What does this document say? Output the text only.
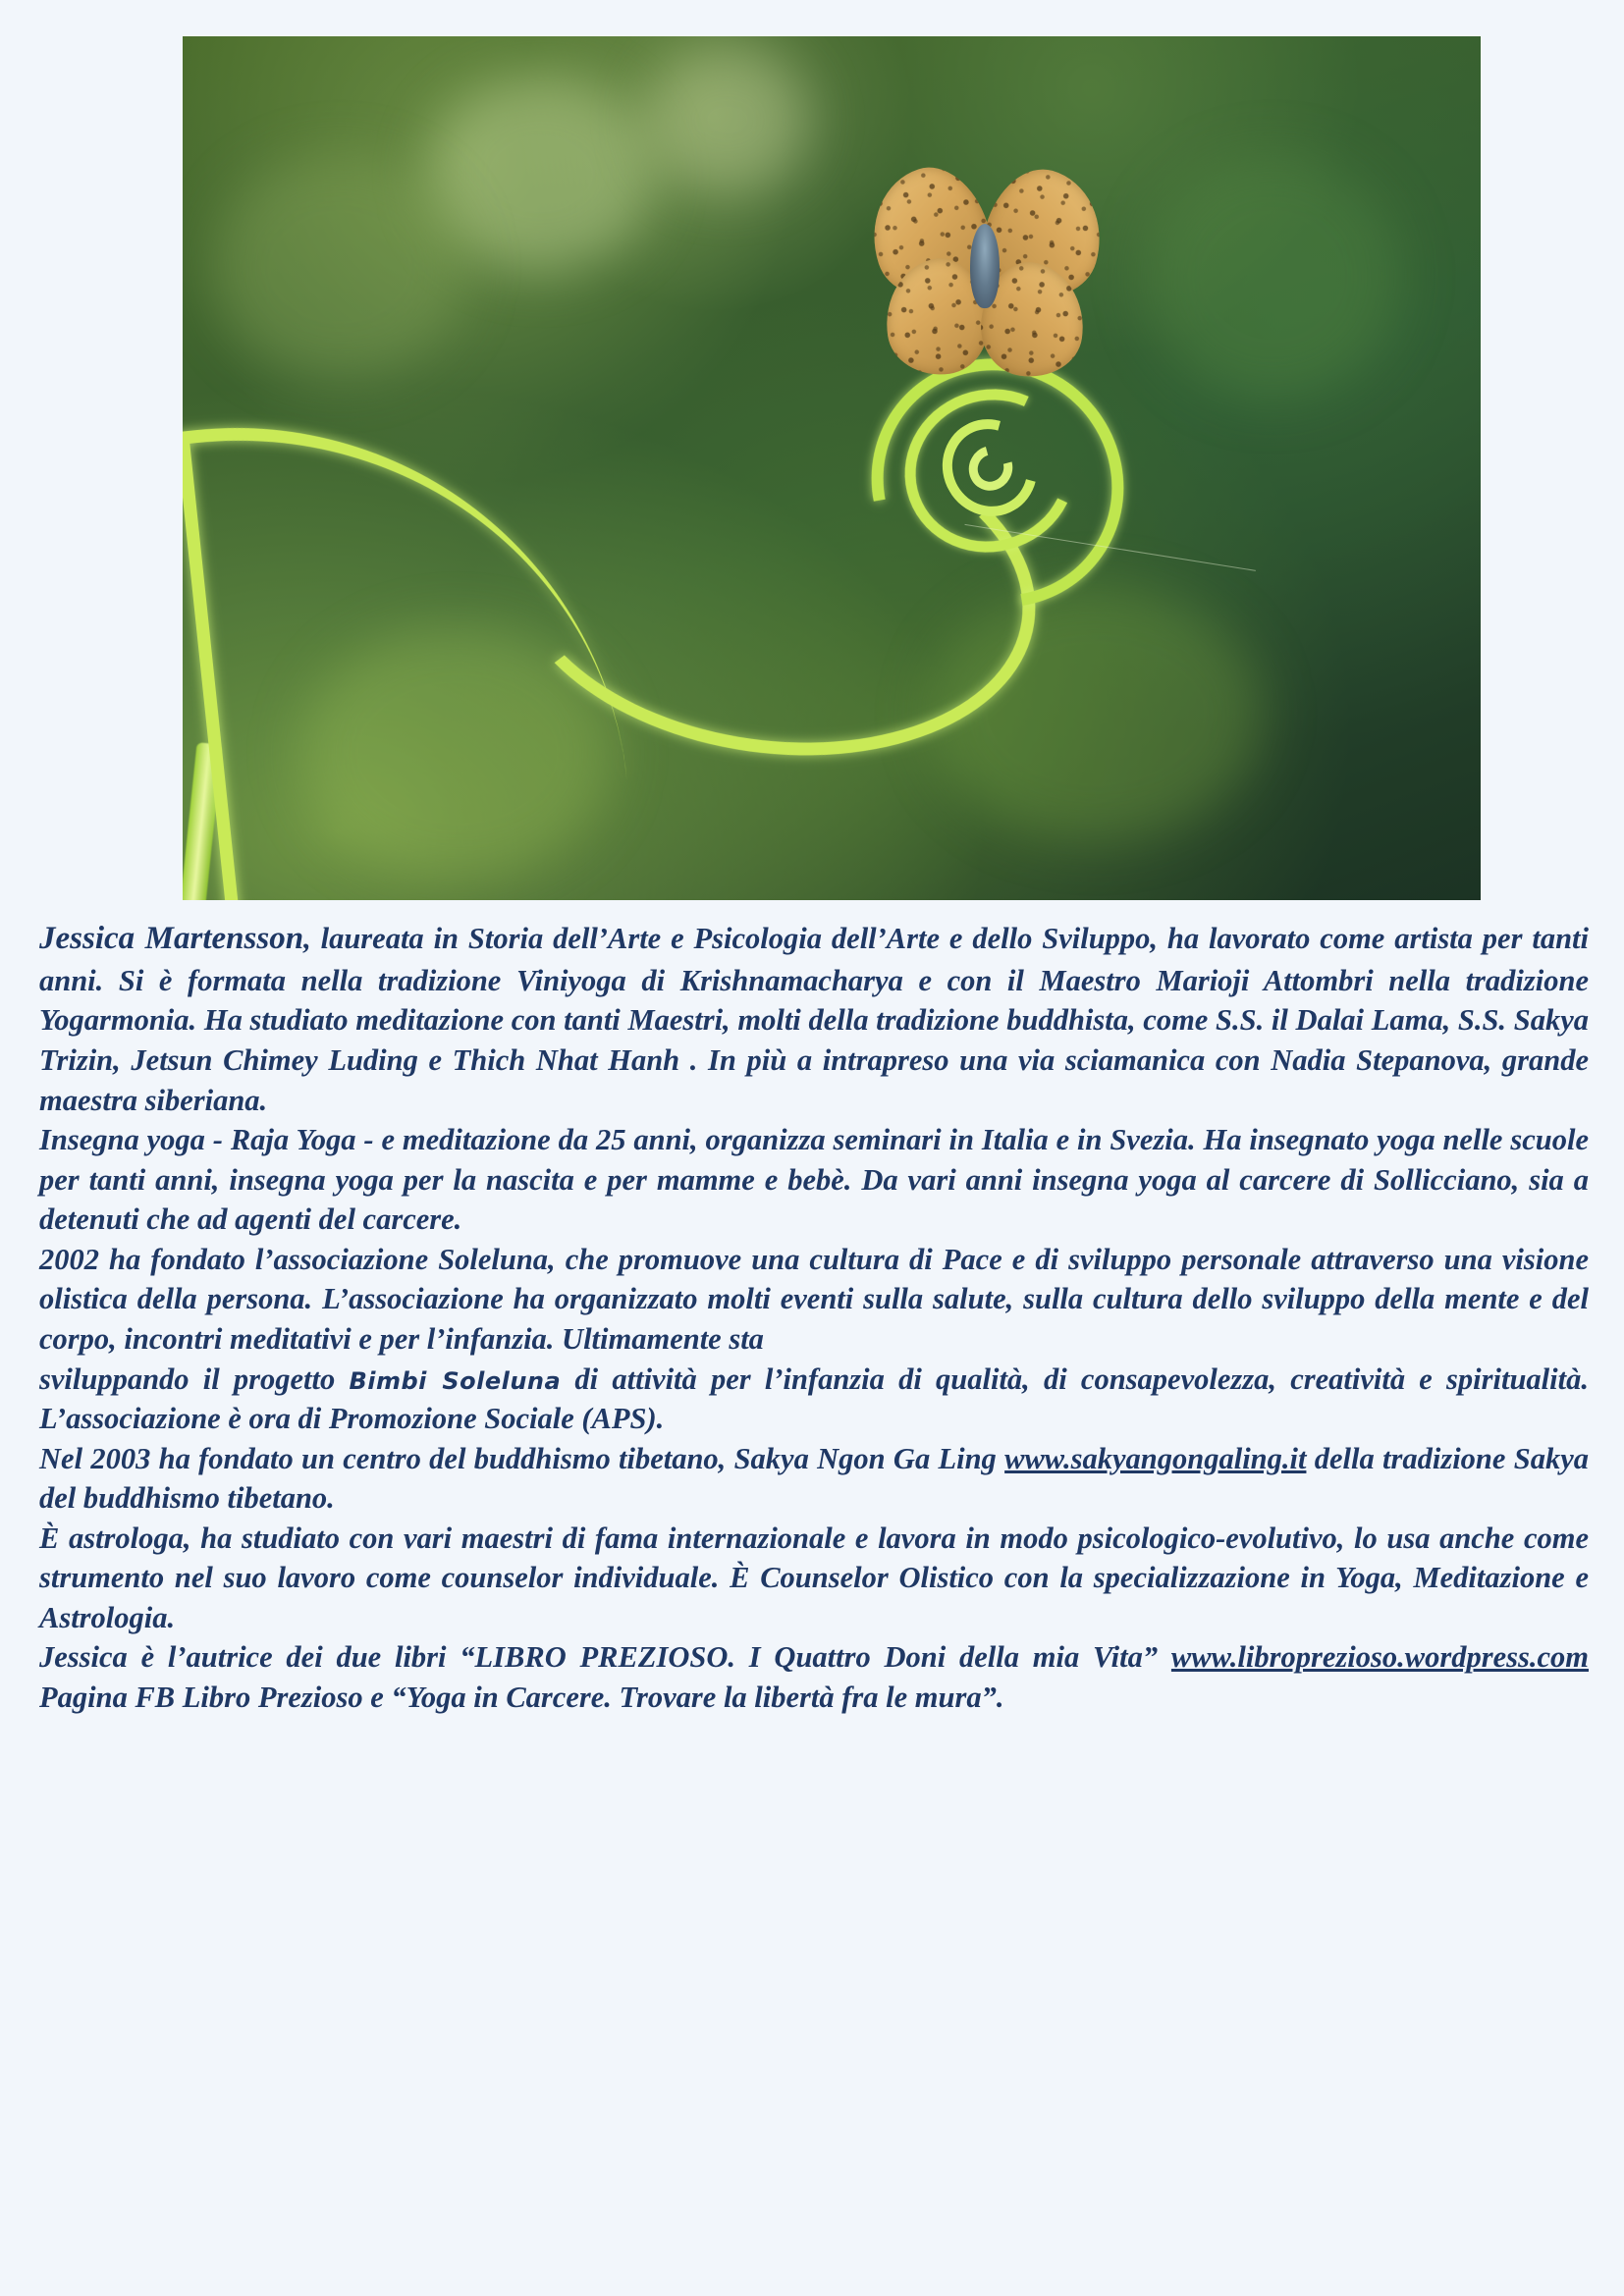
Jessica Martensson, laureata in Storia dell’Arte e Psicologia dell’Arte e dello Sviluppo, ha lavorato come artista per tanti anni. Si è formata nella tradizione Viniyoga di Krishnamacharya e con il Maestro Marioji Attombri nella tradizione Yogarmonia. Ha studiato meditazione con tanti Maestri, molti della tradizione buddhista, come S.S. il Dalai Lama, S.S. Sakya Trizin, Jetsun Chimey Luding e Thich Nhat Hanh . In più a intrapreso una via sciamanica con Nadia Stepanova, grande maestra siberiana.

Insegna yoga - Raja Yoga - e meditazione da 25 anni, organizza seminari in Italia e in Svezia. Ha insegnato yoga nelle scuole per tanti anni, insegna yoga per la nascita e per mamme e bebè. Da vari anni insegna yoga al carcere di Sollicciano, sia a detenuti che ad agenti del carcere.

2002 ha fondato l’associazione Soleluna, che promuove una cultura di Pace e di sviluppo personale attraverso una visione olistica della persona. L’associazione ha organizzato molti eventi sulla salute, sulla cultura dello sviluppo della mente e del corpo, incontri meditativi e per l’infanzia. Ultimamente sta

sviluppando il progetto Bimbi Soleluna di attività per l’infanzia di qualità, di consapevolezza, creatività e spiritualità. L’associazione è ora di Promozione Sociale (APS).

Nel 2003 ha fondato un centro del buddhismo tibetano, Sakya Ngon Ga Ling www.sakyangongaling.it della tradizione Sakya del buddhismo tibetano.

È astrologa, ha studiato con vari maestri di fama internazionale e lavora in modo psicologico-evolutivo, lo usa anche come strumento nel suo lavoro come counselor individuale. È Counselor Olistico con la specializzazione in Yoga, Meditazione e Astrologia.

Jessica è l’autrice dei due libri “LIBRO PREZIOSO. I Quattro Doni della mia Vita” www.libroprezioso.wordpress.com Pagina FB Libro Prezioso e “Yoga in Carcere. Trovare la libertà fra le mura”.
